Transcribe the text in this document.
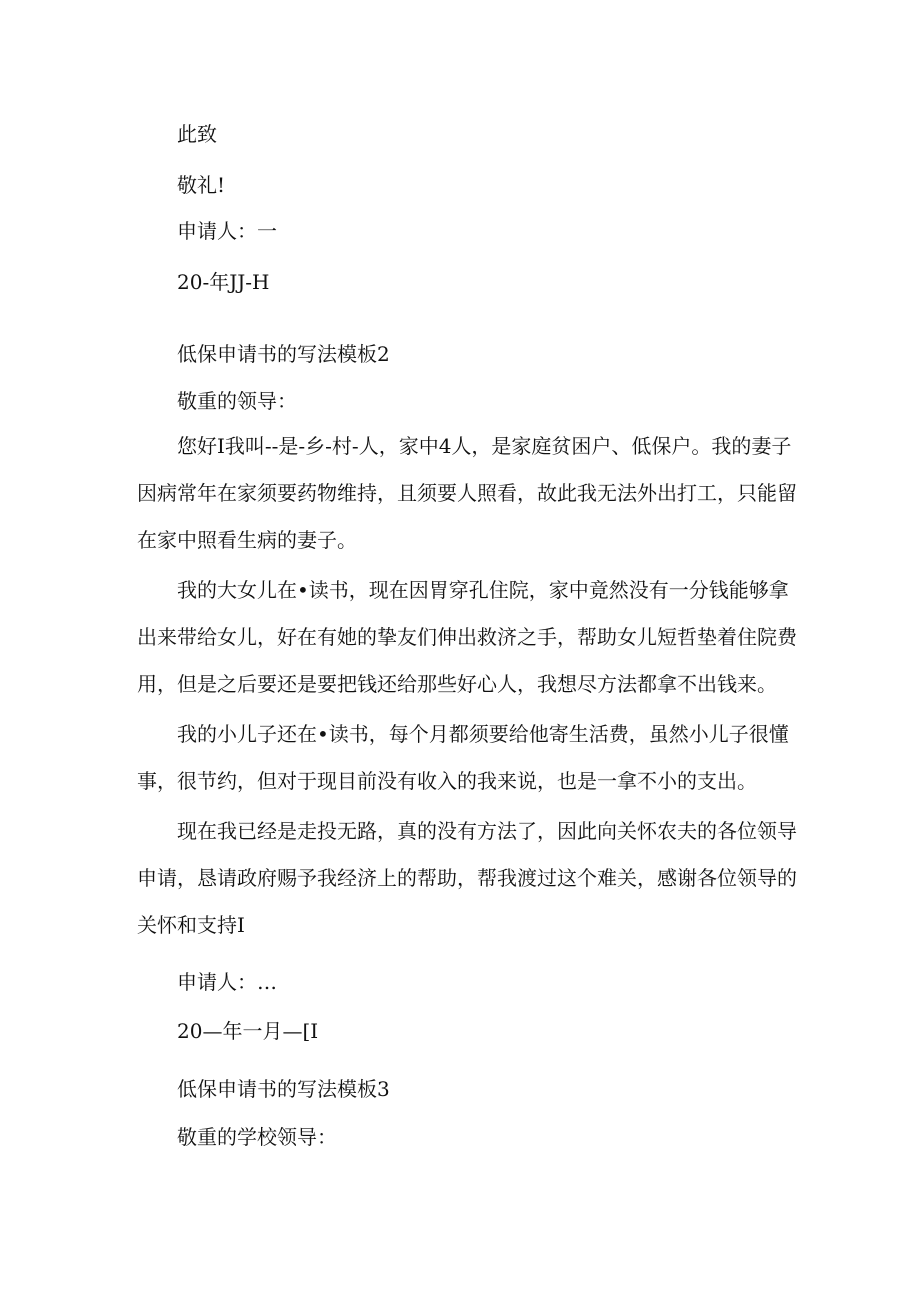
此致
敬礼!
申请人：一
20-年JJ-H
低保申请书的写法模板2
敬重的领导：

您好I我叫--是-乡-村-人，家中4人，是家庭贫困户、低保户。我的妻子因病常年在家须要药物维持，且须要人照看，故此我无法外出打工，只能留在家中照看生病的妻子。

我的大女儿在•读书，现在因胃穿孔住院，家中竟然没有一分钱能够拿出来带给女儿，好在有她的挚友们伸出救济之手，帮助女儿短哲垫着住院费用，但是之后要还是要把钱还给那些好心人，我想尽方法都拿不出钱来。

我的小儿子还在•读书，每个月都须要给他寄生活费，虽然小儿子很懂事，很节约，但对于现目前没有收入的我来说，也是一拿不小的支出。

现在我已经是走投无路，真的没有方法了，因此向关怀农夫的各位领导申请，恳请政府赐予我经济上的帮助，帮我渡过这个难关，感谢各位领导的关怀和支持I

申请人：…
20—年一月—[I
低保申请书的写法模板3
敬重的学校领导：
